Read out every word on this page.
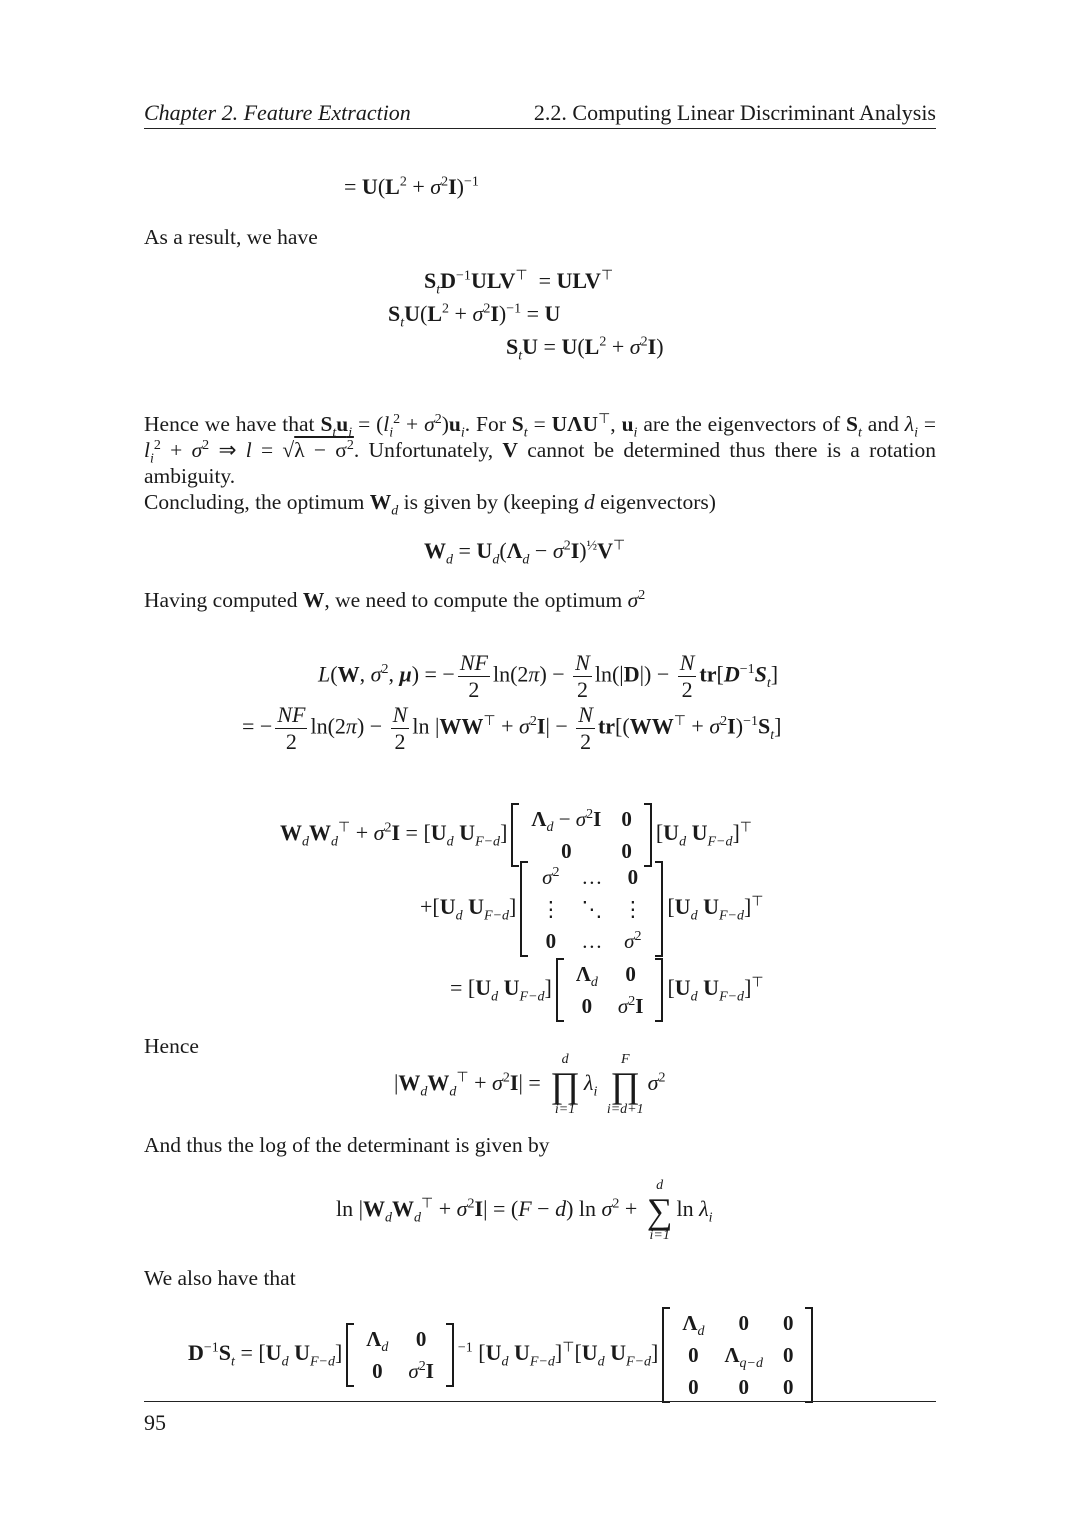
Chapter 2. Feature Extraction	2.2. Computing Linear Discriminant Analysis
= $U(L^2 + \sigma^2I)^{-1}$
As a result, we have
$S_tD^{-1}ULV^⊤ = ULV^⊤$
$S_tU(L^2 + \sigma^2I)^{-1} = U$
$S_tU = U(L^2 + \sigma^2I)$
Hence we have that $S_tu_i = (l_i^2 + \sigma^2)u_i$. For $S_t = U\Lambda U^⊤$, $u_i$ are the eigenvectors of $S_t$ and $\lambda_i = l_i^2 + \sigma^2$ ⇒ $l = √\lambda - \sigma^2$. Unfortunately, V cannot be determined thus there is a rotation ambiguity.
Concluding, the optimum $W_d$ is given by (keeping d eigenvectors)
$W_d = U_d(\Lambda_d - \sigma^2I)^{\frac{1}{2}}V^⊤$
Having computed W, we need to compute the optimum $\sigma^2$
L(W, $\sigma^2$, μ) = − $\frac{NF}{2} \ln(2\pi) - \frac{N}{2} \ln(|D|) - \frac{N}{2} tr[D^{-1}S_t]$
= − $\frac{NF}{2} \ln(2\pi) - \frac{N}{2}$ $\ln |WW^⊤ + \sigma^2I| - \frac{N}{2} tr[(WW^⊤ + \sigma^2I)^{-1}S_t]$
$W_dW_d^⊤ + \sigma^2I = [U_d$ $U_{F-d}$]
$\Lambda_d - \sigma^2I$	0
0	0
[$U_d$ $U_{F-d}]^⊤$
$+[U_d$ $U_{F-d}$]
$\sigma^2$	…	0
⋮	⋱	⋮
0	…	$\sigma^2$
[$U_d$ $U_{F-d}]^⊤$
= [$U_d$ $U_{F-d}$]
$\Lambda_d$	0
0	$\sigma^2I$
[$U_d$ $U_{F-d}]^⊤$
Hence
$|W_dW_d^⊤ + \sigma^2I|$ =
d
∏
i=1
$\lambda_i$
F
∏
i=d+1
$\sigma^2$
And thus the log of the determinant is given by
$\ln |W_dW_d^⊤ + \sigma^2I| = (F - d)$ $\ln \sigma^2$ +
d
∑
i=1
$\ln \lambda_i$
We also have that
$D^{-1}S_t = [U_d$ $U_{F-d}$]
$\Lambda_d$	0
0	$\sigma^2I$
$^{-1}$ [$U_d$ $U_{F-d}]^⊤[U_d$ $U_{F-d}$]
$\Lambda_d$	0	0
0	$\Lambda_{q-d}$	0
0	0	0
95
